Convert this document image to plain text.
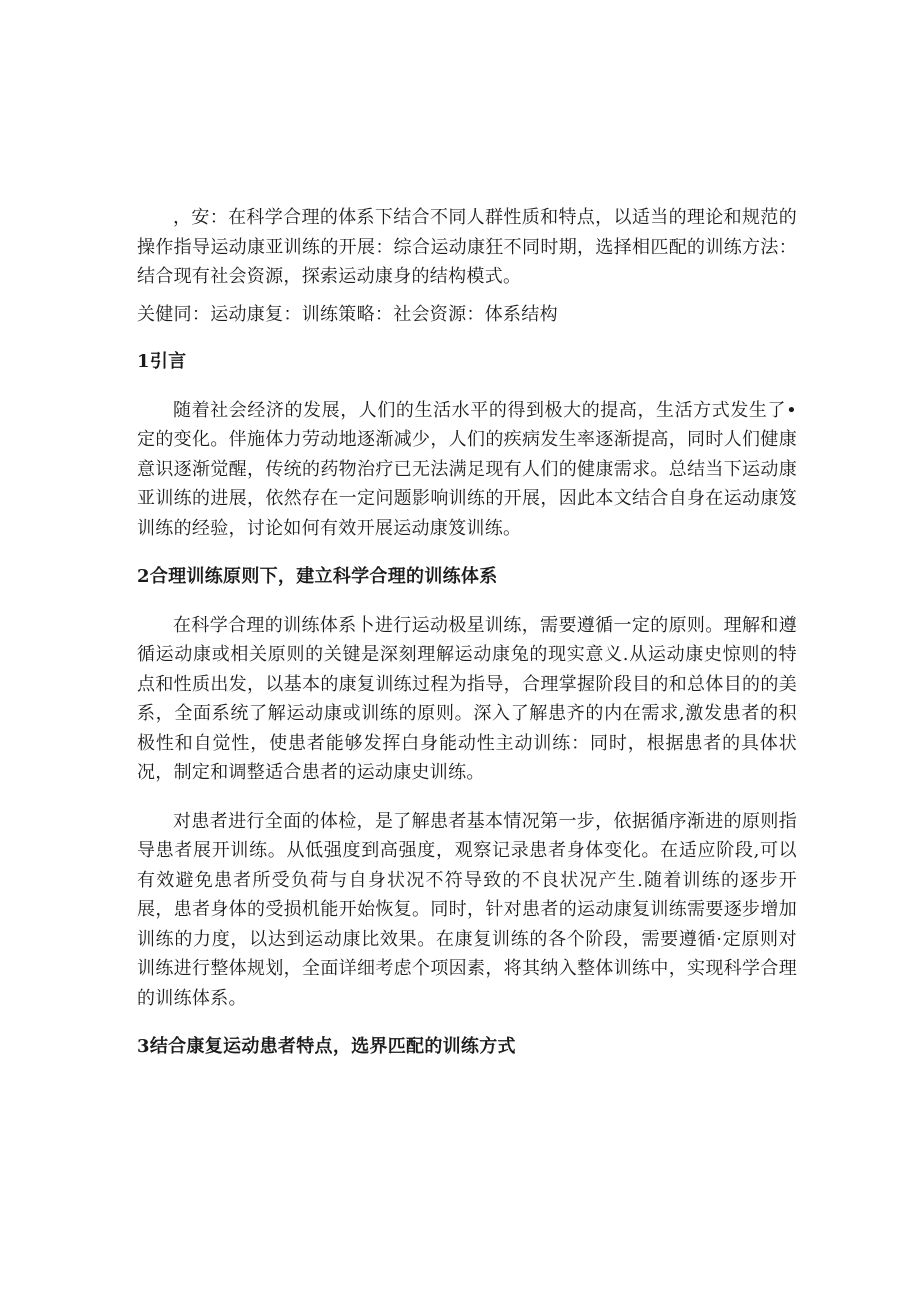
，安：在科学合理的体系下结合不同人群性质和特点，以适当的理论和规范的操作指导运动康亚训练的开展：综合运动康狂不同时期，选择相匹配的训练方法：结合现有社会资源，探索运动康身的结构模式。

关健同：运动康复：训练策略：社会资源：体系结构

1引言

随着社会经济的发展，人们的生活水平的得到极大的提高，生活方式发生了•定的变化。伴施体力劳动地逐渐减少，人们的疾病发生率逐渐提高，同时人们健康意识逐渐觉醒，传统的药物治疗已无法满足现有人们的健康需求。总结当下运动康亚训练的进展，依然存在一定问题影响训练的开展，因此本文结合自身在运动康笈训练的经验，讨论如何有效开展运动康笈训练。

2合理训练原则下，建立科学合理的训练体系

在科学合理的训练体系卜进行运动极星训练，需要遵循一定的原则。理解和遵循运动康或相关原则的关键是深刻理解运动康兔的现实意义.从运动康史惊则的特点和性质出发，以基本的康复训练过程为指导，合理掌握阶段目的和总体目的的美系，全面系统了解运动康或训练的原则。深入了解患齐的内在需求,激发患者的积极性和自觉性，使患者能够发挥白身能动性主动训练：同时，根据患者的具体状况，制定和调整适合患者的运动康史训练。

对患者进行全面的体检，是了解患者基本情况第一步，依据循序渐进的原则指导患者展开训练。从低强度到高强度，观察记录患者身体变化。在适应阶段,可以有效避免患者所受负荷与自身状况不符导致的不良状况产生.随着训练的逐步开展，患者身体的受损机能开始恢复。同时，针对患者的运动康复训练需要逐步增加训练的力度，以达到运动康比效果。在康复训练的各个阶段，需要遵循·定原则对训练进行整体规划，全面详细考虑个项因素，将其纳入整体训练中，实现科学合理的训练体系。

3结合康复运动患者特点，选界匹配的训练方式
